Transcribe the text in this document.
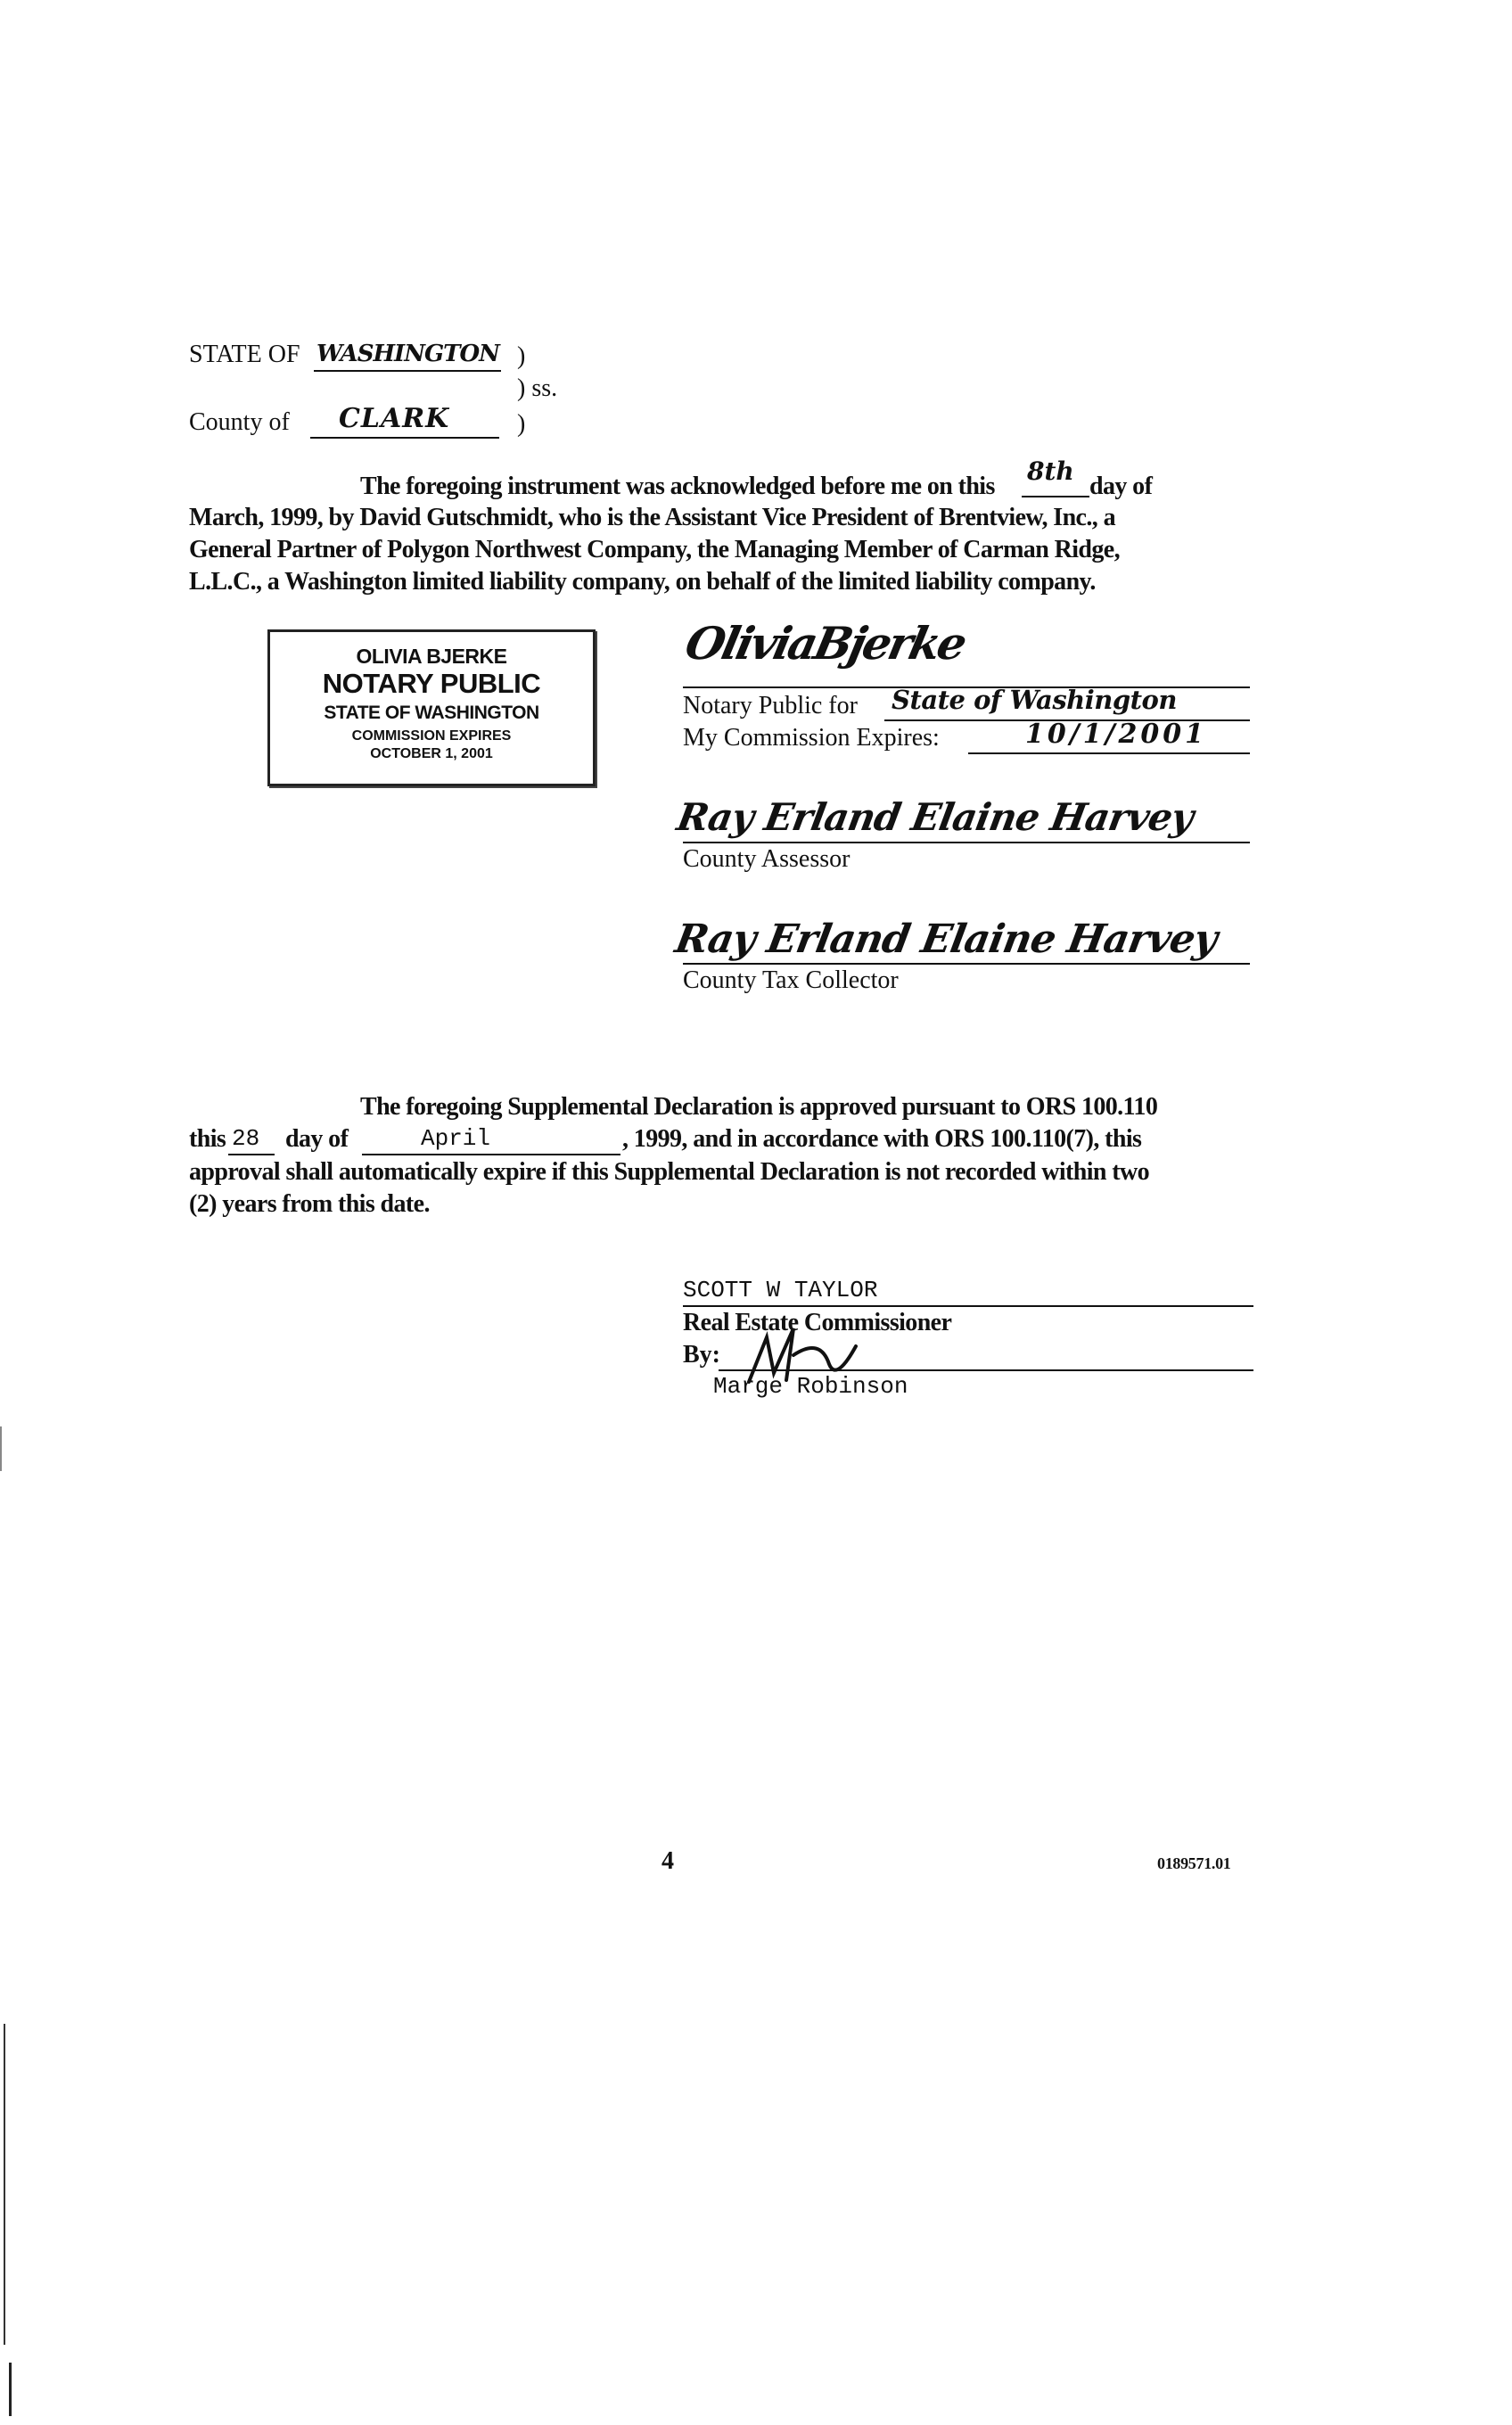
STATE OF WASHINGTON )
) ss.
County of CLARK	)
The foregoing instrument was acknowledged before me on this
8th
day of
March, 1999, by David Gutschmidt, who is the Assistant Vice President of Brentview, Inc., a
General Partner of Polygon Northwest Company, the Managing Member of Carman Ridge,
L.L.C., a Washington limited liability company, on behalf of the limited liability company.
OLIVIA BJERKE
NOTARY PUBLIC
STATE OF WASHINGTON
COMMISSION EXPIRES
OCTOBER 1, 2001
OliviaBjerke
Notary Public for State of Washington
My Commission Expires:	10/1/2001
Ray Erland Elaine Harvey
County Assessor
Ray Erland Elaine Harvey
County Tax Collector
The foregoing Supplemental Declaration is approved pursuant to ORS 100.110
this 28 day of	April	, 1999, and in accordance with ORS 100.110(7), this
approval shall automatically expire if this Supplemental Declaration is not recorded within two
(2) years from this date.
SCOTT W TAYLOR
Real Estate Commissioner
By:
Marge Robinson
4	0189571.01
